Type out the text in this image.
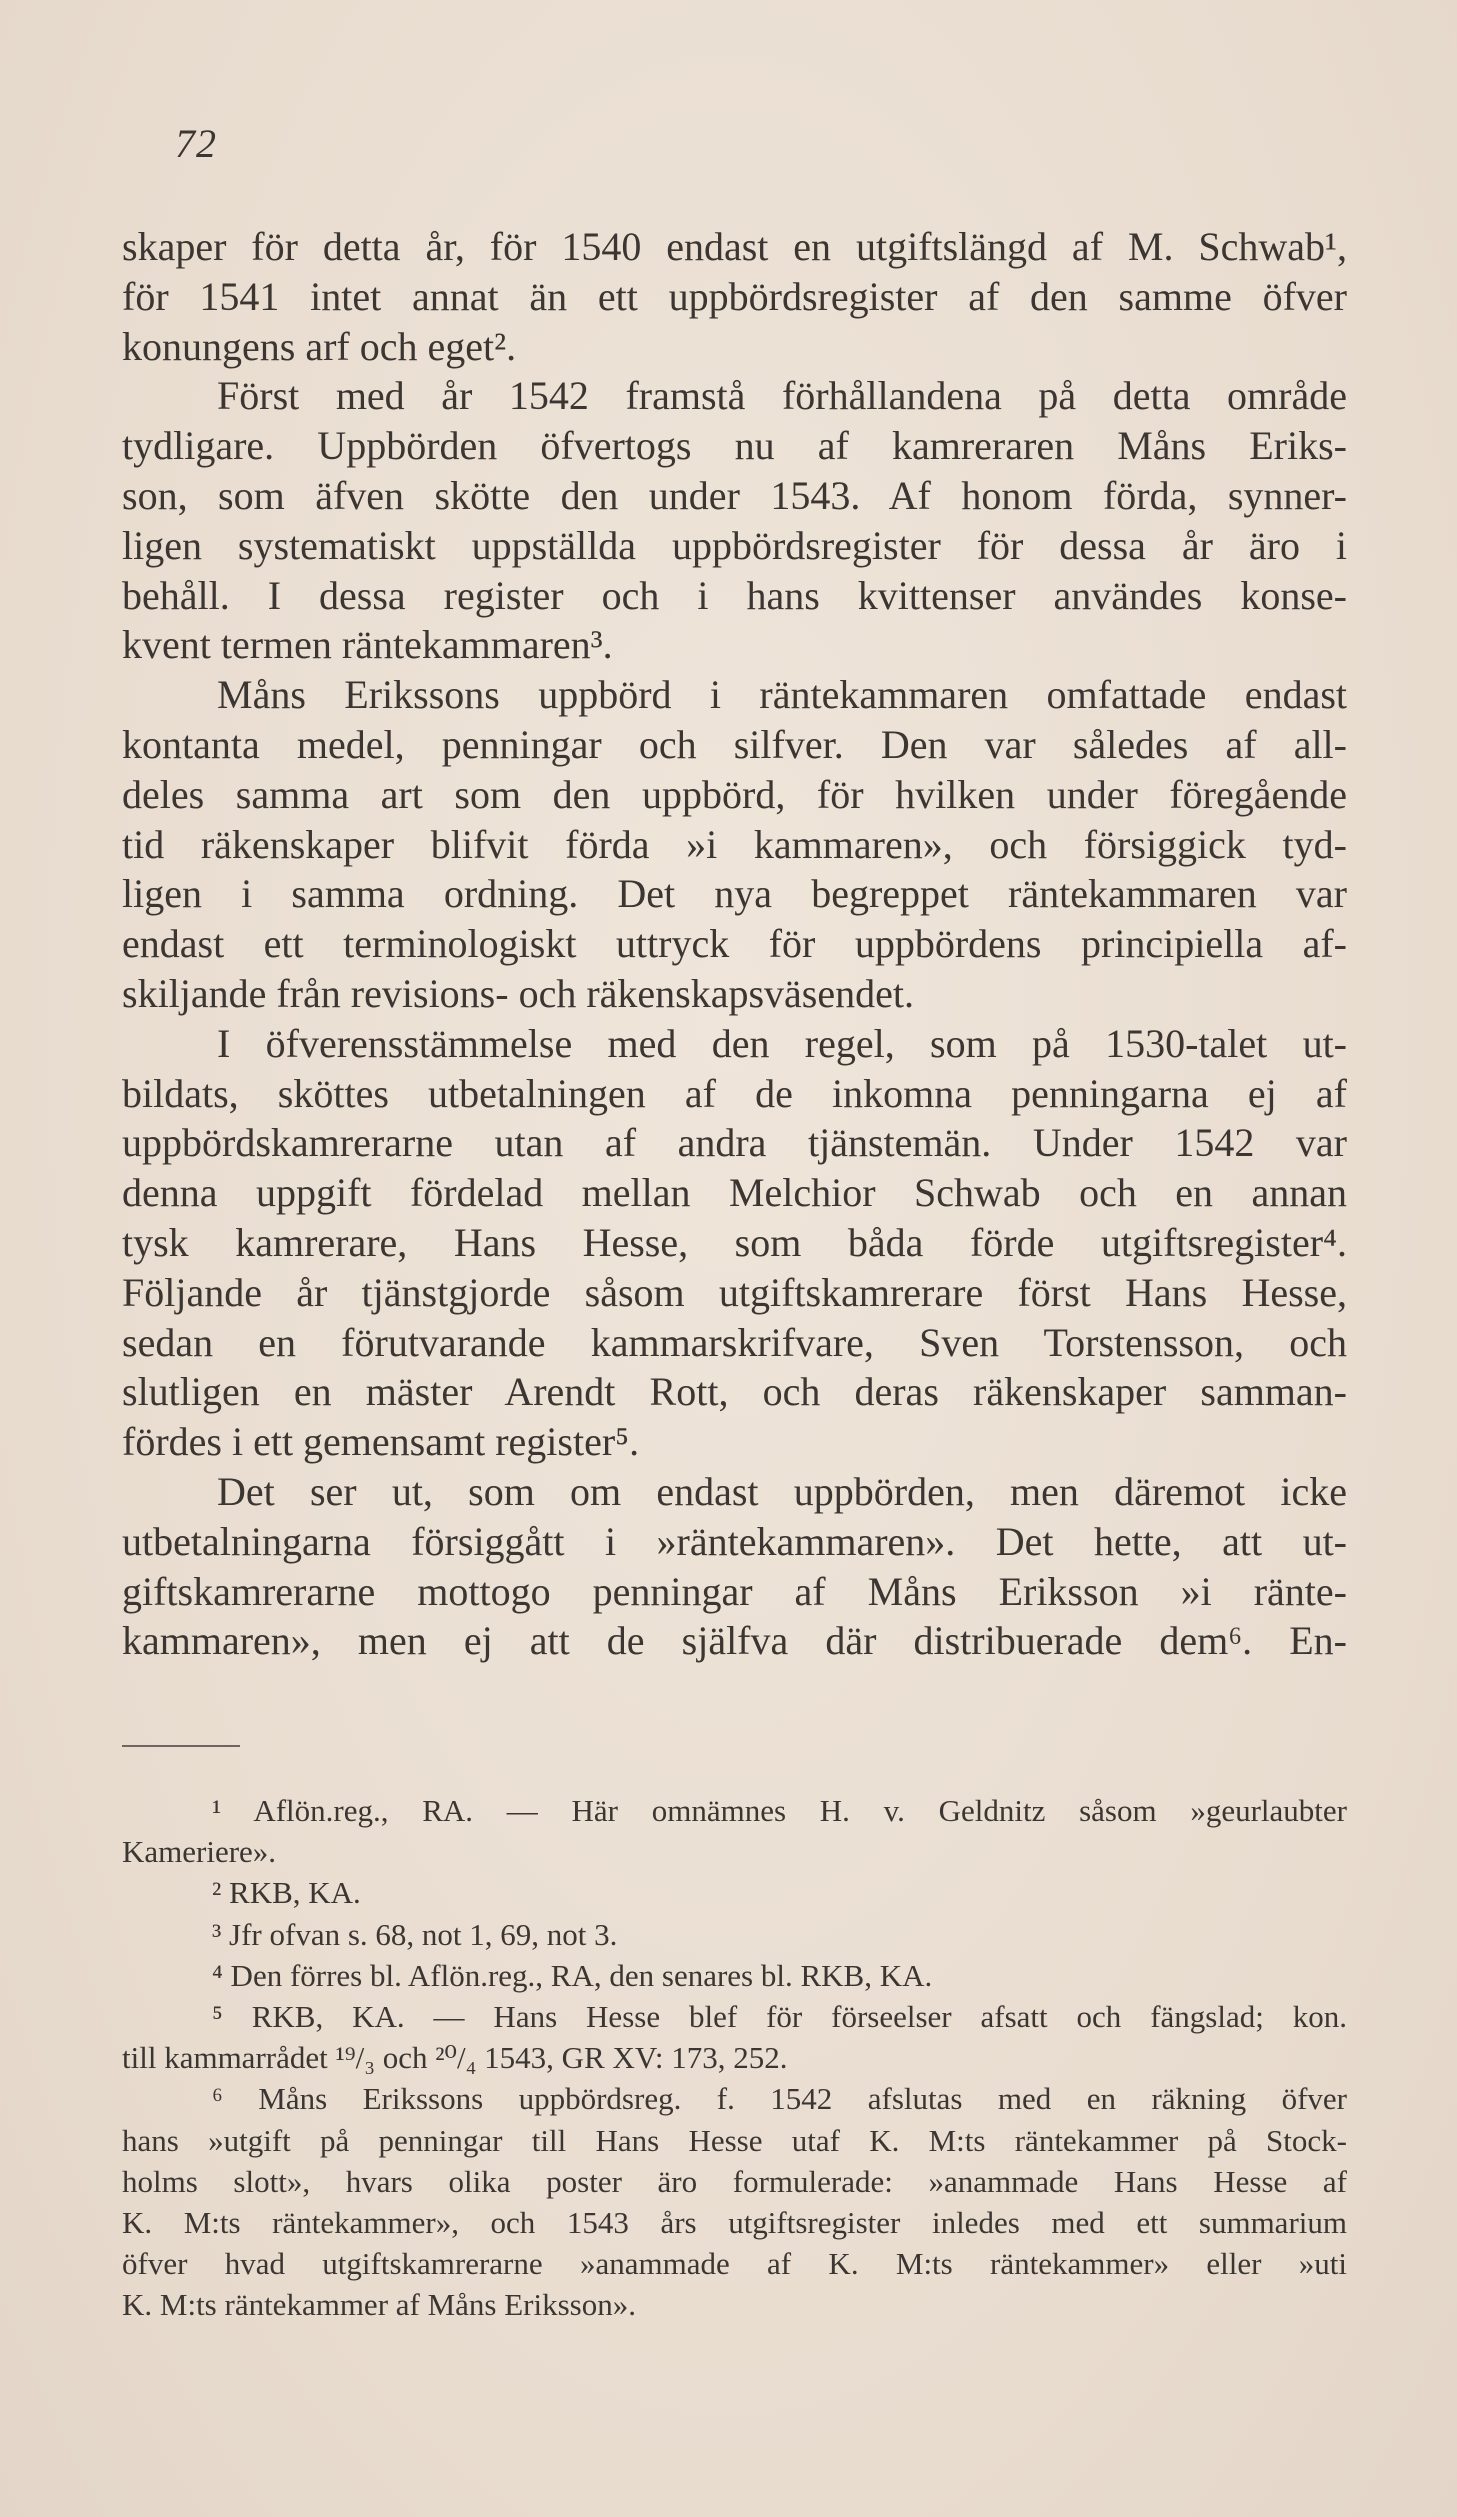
72
skaper för detta år, för 1540 endast en utgiftslängd af M. Schwab¹,
för 1541 intet annat än ett uppbördsregister af den samme öfver
konungens arf och eget².
Först med år 1542 framstå förhållandena på detta område
tydligare. Uppbörden öfvertogs nu af kamreraren Måns Eriks-
son, som äfven skötte den under 1543. Af honom förda, synner-
ligen systematiskt uppställda uppbördsregister för dessa år äro i
behåll. I dessa register och i hans kvittenser användes konse-
kvent termen räntekammaren³.
Måns Erikssons uppbörd i räntekammaren omfattade endast
kontanta medel, penningar och silfver. Den var således af all-
deles samma art som den uppbörd, för hvilken under föregående
tid räkenskaper blifvit förda »i kammaren», och försiggick tyd-
ligen i samma ordning. Det nya begreppet räntekammaren var
endast ett terminologiskt uttryck för uppbördens principiella af-
skiljande från revisions- och räkenskapsväsendet.
I öfverensstämmelse med den regel, som på 1530-talet ut-
bildats, sköttes utbetalningen af de inkomna penningarna ej af
uppbördskamrerarne utan af andra tjänstemän. Under 1542 var
denna uppgift fördelad mellan Melchior Schwab och en annan
tysk kamrerare, Hans Hesse, som båda förde utgiftsregister⁴.
Följande år tjänstgjorde såsom utgiftskamrerare först Hans Hesse,
sedan en förutvarande kammarskrifvare, Sven Torstensson, och
slutligen en mäster Arendt Rott, och deras räkenskaper samman-
fördes i ett gemensamt register⁵.
Det ser ut, som om endast uppbörden, men däremot icke
utbetalningarna försiggått i »räntekammaren». Det hette, att ut-
giftskamrerarne mottogo penningar af Måns Eriksson »i ränte-
kammaren», men ej att de själfva där distribuerade dem⁶. En-
¹ Aflön.reg., RA. — Här omnämnes H. v. Geldnitz såsom »geurlaubter
Kameriere».
² RKB, KA.
³ Jfr ofvan s. 68, not 1, 69, not 3.
⁴ Den förres bl. Aflön.reg., RA, den senares bl. RKB, KA.
⁵ RKB, KA. — Hans Hesse blef för förseelser afsatt och fängslad; kon.
till kammarrådet ¹⁹/₃ och ²⁰/₄ 1543, GR XV: 173, 252.
⁶ Måns Erikssons uppbördsreg. f. 1542 afslutas med en räkning öfver
hans »utgift på penningar till Hans Hesse utaf K. M:ts räntekammer på Stock-
holms slott», hvars olika poster äro formulerade: »anammade Hans Hesse af
K. M:ts räntekammer», och 1543 års utgiftsregister inledes med ett summarium
öfver hvad utgiftskamrerarne »anammade af K. M:ts räntekammer» eller »uti
K. M:ts räntekammer af Måns Eriksson».
